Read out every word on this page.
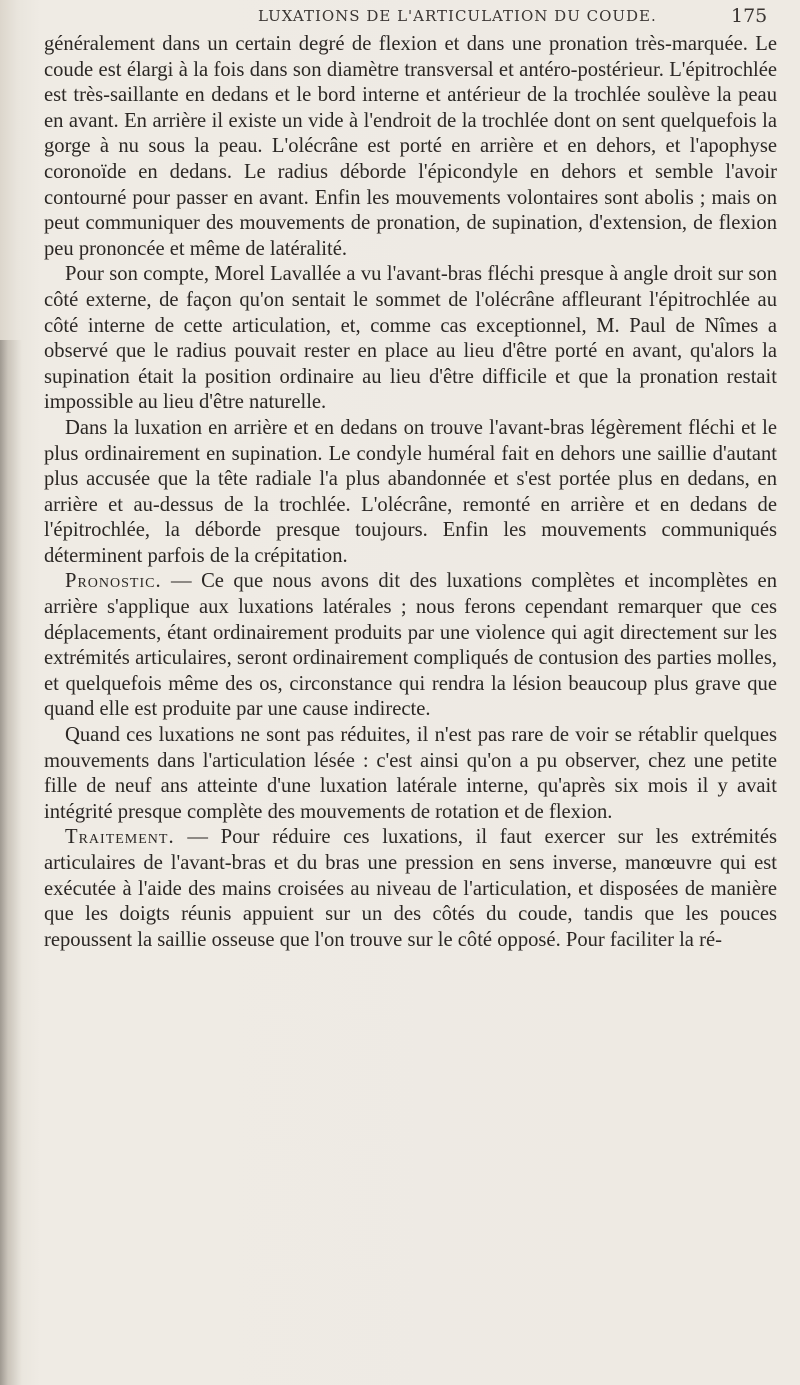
LUXATIONS DE L'ARTICULATION DU COUDE.	175

généralement dans un certain degré de flexion et dans une pronation très-marquée. Le coude est élargi à la fois dans son diamètre transversal et antéro-postérieur. L'épitrochlée est très-saillante en dedans et le bord interne et antérieur de la trochlée soulève la peau en avant. En arrière il existe un vide à l'endroit de la trochlée dont on sent quelquefois la gorge à nu sous la peau. L'olécrâne est porté en arrière et en dehors, et l'apophyse coronoïde en dedans. Le radius déborde l'épicondyle en dehors et semble l'avoir contourné pour passer en avant. Enfin les mouvements volontaires sont abolis ; mais on peut communiquer des mouvements de pronation, de supination, d'extension, de flexion peu prononcée et même de latéralité.

Pour son compte, Morel Lavallée a vu l'avant-bras fléchi presque à angle droit sur son côté externe, de façon qu'on sentait le sommet de l'olécrâne affleurant l'épitrochlée au côté interne de cette articulation, et, comme cas exceptionnel, M. Paul de Nîmes a observé que le radius pouvait rester en place au lieu d'être porté en avant, qu'alors la supination était la position ordinaire au lieu d'être difficile et que la pronation restait impossible au lieu d'être naturelle.

Dans la luxation en arrière et en dedans on trouve l'avant-bras légèrement fléchi et le plus ordinairement en supination. Le condyle huméral fait en dehors une saillie d'autant plus accusée que la tête radiale l'a plus abandonnée et s'est portée plus en dedans, en arrière et au-dessus de la trochlée. L'olécrâne, remonté en arrière et en dedans de l'épitrochlée, la déborde presque toujours. Enfin les mouvements communiqués déterminent parfois de la crépitation.

Pronostic. — Ce que nous avons dit des luxations complètes et incomplètes en arrière s'applique aux luxations latérales ; nous ferons cependant remarquer que ces déplacements, étant ordinairement produits par une violence qui agit directement sur les extrémités articulaires, seront ordinairement compliqués de contusion des parties molles, et quelquefois même des os, circonstance qui rendra la lésion beaucoup plus grave que quand elle est produite par une cause indirecte.

Quand ces luxations ne sont pas réduites, il n'est pas rare de voir se rétablir quelques mouvements dans l'articulation lésée : c'est ainsi qu'on a pu observer, chez une petite fille de neuf ans atteinte d'une luxation latérale interne, qu'après six mois il y avait intégrité presque complète des mouvements de rotation et de flexion.

Traitement. — Pour réduire ces luxations, il faut exercer sur les extrémités articulaires de l'avant-bras et du bras une pression en sens inverse, manœuvre qui est exécutée à l'aide des mains croisées au niveau de l'articulation, et disposées de manière que les doigts réunis appuient sur un des côtés du coude, tandis que les pouces repoussent la saillie osseuse que l'on trouve sur le côté opposé. Pour faciliter la ré-
